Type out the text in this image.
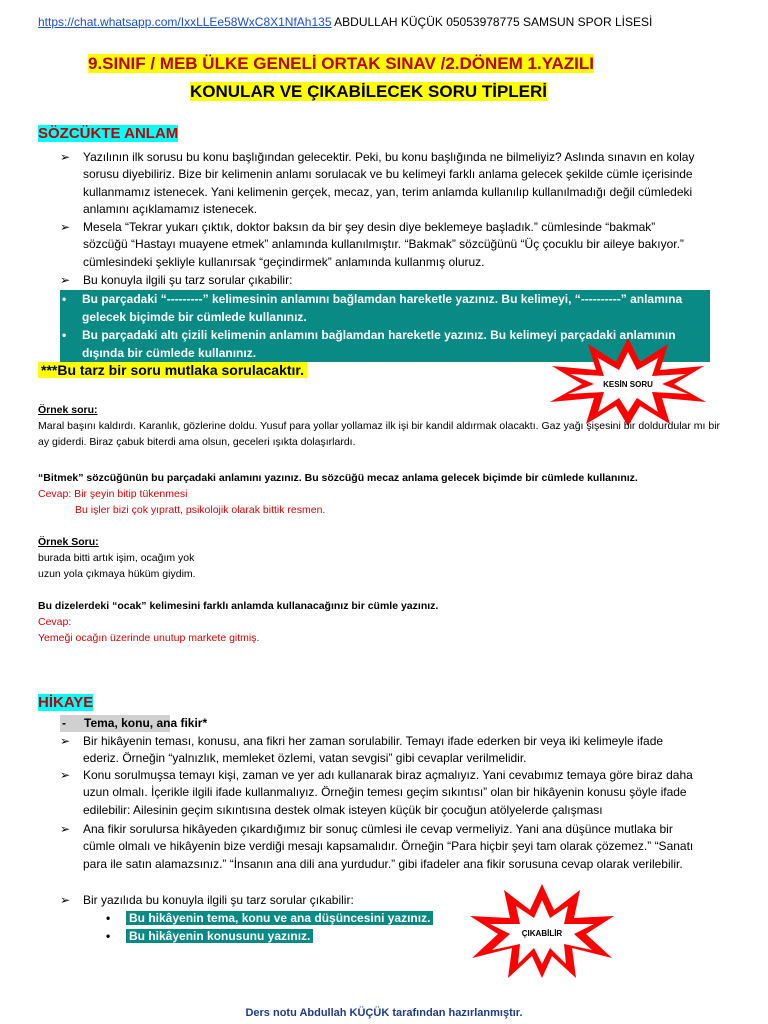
https://chat.whatsapp.com/IxxLLEe58WxC8X1NfAh135 ABDULLAH KÜÇÜK 05053978775 SAMSUN SPOR LİSESİ
9.SINIF / MEB ÜLKE GENELİ ORTAK SINAV /2.DÖNEM 1.YAZILI
KONULAR VE ÇIKABİLECEK SORU TİPLERİ
SÖZCÜKTE ANLAM
➢	Yazılının ilk sorusu bu konu başlığından gelecektir. Peki, bu konu başlığında ne bilmeliyiz? Aslında sınavın en kolay sorusu diyebiliriz. Bize bir kelimenin anlamı sorulacak ve bu kelimeyi farklı anlama gelecek şekilde cümle içerisinde kullanmamız istenecek. Yani kelimenin gerçek, mecaz, yan, terim anlamda kullanılıp kullanılmadığı değil cümledeki anlamını açıklamamız istenecek.
➢	Mesela “Tekrar yukarı çıktık, doktor baksın da bir şey desin diye beklemeye başladık.” cümlesinde “bakmak” sözcüğü “Hastayı muayene etmek” anlamında kullanılmıştır. “Bakmak” sözcüğünü “Üç çocuklu bir aileye bakıyor.” cümlesindeki şekliyle kullanırsak “geçindirmek” anlamında kullanmış oluruz.
➢	Bu konuyla ilgili şu tarz sorular çıkabilir:
•	Bu parçadaki “---------” kelimesinin anlamını bağlamdan hareketle yazınız. Bu kelimeyi, “----------” anlamına gelecek biçimde bir cümlede kullanınız.
•	Bu parçadaki altı çizili kelimenin anlamını bağlamdan hareketle yazınız. Bu kelimeyi parçadaki anlamının dışında bir cümlede kullanınız.
***Bu tarz bir soru mutlaka sorulacaktır.
KESİN SORU
Örnek soru:
Maral başını kaldırdı. Karanlık, gözlerine doldu. Yusuf para yollar yollamaz ilk işi bir kandil aldırmak olacaktı. Gaz yağı şişesini bir doldurdular mı bir ay giderdi. Biraz çabuk biterdi ama olsun, geceleri ışıkta dolaşırlardı.
“Bitmek” sözcüğünün bu parçadaki anlamını yazınız. Bu sözcüğü mecaz anlama gelecek biçimde bir cümlede kullanınız.
Cevap: Bir şeyin bitip tükenmesi
Bu işler bizi çok yıpratt, psikolojik olarak bittik resmen.
Örnek Soru:
burada bitti artık işim, ocağım yok
uzun yola çıkmaya hüküm giydim.
Bu dizelerdeki “ocak” kelimesini farklı anlamda kullanacağınız bir cümle yazınız.
Cevap:
Yemeği ocağın üzerinde unutup markete gitmiş.
HİKAYE
- Tema, konu, ana fikir*
➢	Bir hikâyenin teması, konusu, ana fikri her zaman sorulabilir. Temayı ifade ederken bir veya iki kelimeyle ifade ederiz. Örneğin “yalnızlık, memleket özlemi, vatan sevgisi” gibi cevaplar verilmelidir.
➢	Konu sorulmuşsa temayı kişi, zaman ve yer adı kullanarak biraz açmalıyız. Yani cevabımız temaya göre biraz daha uzun olmalı. İçerikle ilgili ifade kullanmalıyız. Örneğin temesı geçim sıkıntısı” olan bir hikâyenin konusu şöyle ifade edilebilir: Ailesinin geçim sıkıntısına destek olmak isteyen küçük bir çocuğun atölyelerde çalışması
➢	Ana fikir sorulursa hikâyeden çıkardığımız bir sonuç cümlesi ile cevap vermeliyiz. Yani ana düşünce mutlaka bir cümle olmalı ve hikâyenin bize verdiği mesajı kapsamalıdır. Örneğin “Para hiçbir şeyi tam olarak çözemez.” “Sanatı para ile satın alamazsınız.” “İnsanın ana dili ana yurdudur.” gibi ifadeler ana fikir sorusuna cevap olarak verilebilir.
➢	Bir yazılıda bu konuyla ilgili şu tarz sorular çıkabilir:
• Bu hikâyenin tema, konu ve ana düşüncesini yazınız.
• Bu hikâyenin konusunu yazınız.	ÇIKABİLİR
Ders notu Abdullah KÜÇÜK tarafından hazırlanmıştır.
